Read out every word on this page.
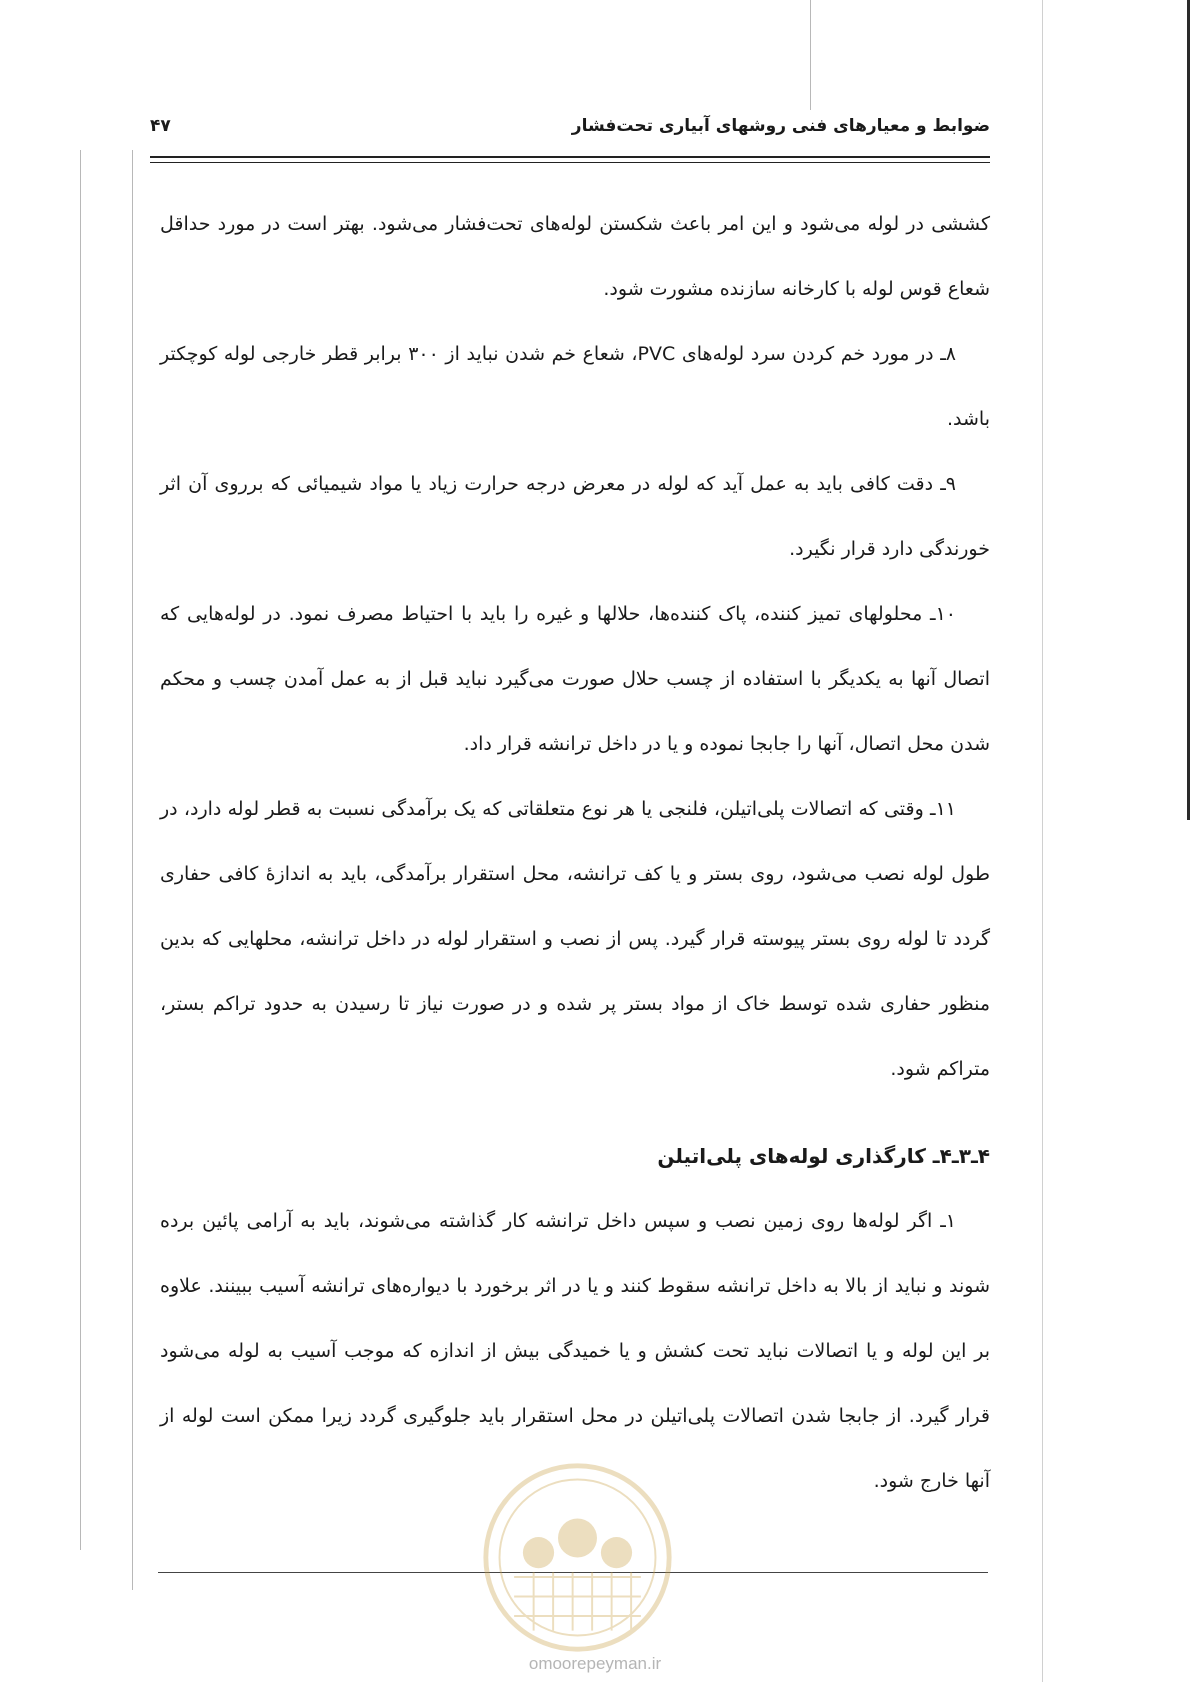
ضوابط و معیارهای فنی روشهای آبیاری تحت‌فشار
۴۷

کششی در لوله می‌شود و این امر باعث شکستن لوله‌های تحت‌فشار می‌شود. بهتر است در مورد حداقل شعاع قوس لوله با کارخانه سازنده مشورت شود.

۸ـ در مورد خم کردن سرد لوله‌های PVC، شعاع خم شدن نباید از ۳۰۰ برابر قطر خارجی لوله کوچکتر باشد.

۹ـ دقت کافی باید به عمل آید که لوله در معرض درجه حرارت زیاد یا مواد شیمیائی که برروی آن اثر خورندگی دارد قرار نگیرد.

۱۰ـ محلولهای تمیز کننده، پاک کننده‌ها، حلالها و غیره را باید با احتیاط مصرف نمود. در لوله‌هایی که اتصال آنها به یکدیگر با استفاده از چسب حلال صورت می‌گیرد نباید قبل از به عمل آمدن چسب و محکم شدن محل اتصال، آنها را جابجا نموده و یا در داخل ترانشه قرار داد.

۱۱ـ وقتی که اتصالات پلی‌اتیلن، فلنجی یا هر نوع متعلقاتی که یک برآمدگی نسبت به قطر لوله دارد، در طول لوله نصب می‌شود، روی بستر و یا کف ترانشه، محل استقرار برآمدگی، باید به اندازهٔ کافی حفاری گردد تا لوله روی بستر پیوسته قرار گیرد. پس از نصب و استقرار لوله در داخل ترانشه، محلهایی که بدین منظور حفاری شده توسط خاک از مواد بستر پر شده و در صورت نیاز تا رسیدن به حدود تراکم بستر، متراکم شود.

۴ـ۳ـ۴ـ کارگذاری لوله‌های پلی‌اتیلن

۱ـ اگر لوله‌ها روی زمین نصب و سپس داخل ترانشه کار گذاشته می‌شوند، باید به آرامی پائین برده شوند و نباید از بالا به داخل ترانشه سقوط کنند و یا در اثر برخورد با دیواره‌های ترانشه آسیب ببینند. علاوه بر این لوله و یا اتصالات نباید تحت کشش و یا خمیدگی بیش از اندازه که موجب آسیب به لوله می‌شود قرار گیرد. از جابجا شدن اتصالات پلی‌اتیلن در محل استقرار باید جلوگیری گردد زیرا ممکن است لوله از آنها خارج شود.

omoorepeyman.ir
